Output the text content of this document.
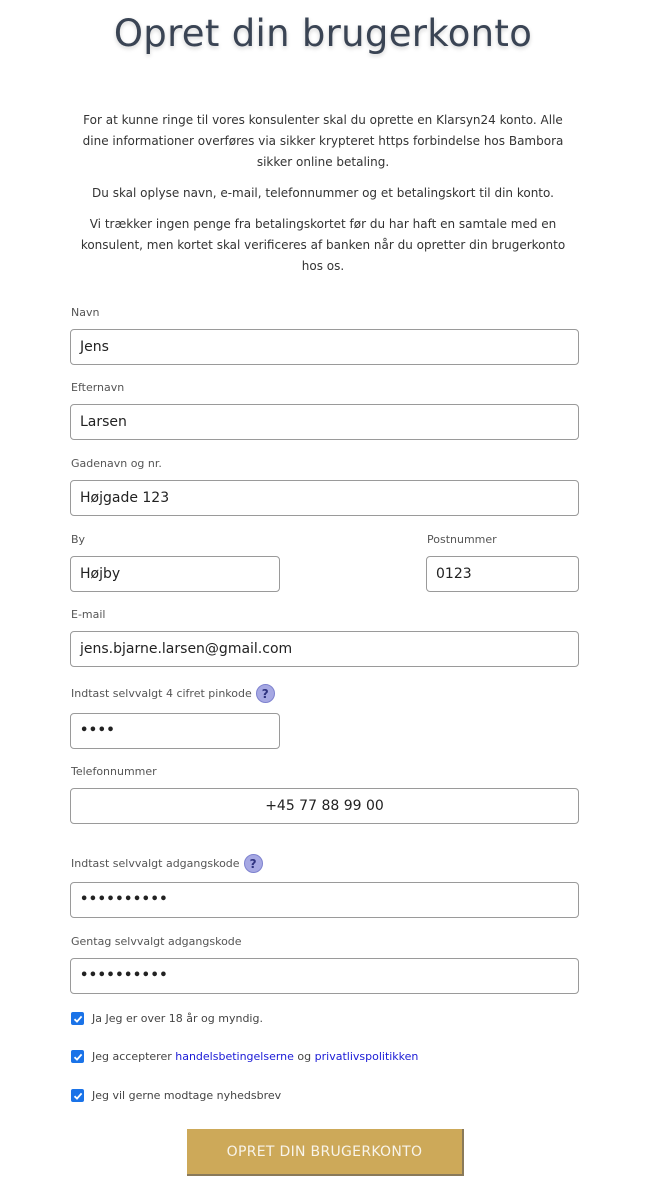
Opret din brugerkonto

For at kunne ringe til vores konsulenter skal du oprette en Klarsyn24 konto. Alle dine informationer overføres via sikker krypteret https forbindelse hos Bambora sikker online betaling.

Du skal oplyse navn, e-mail, telefonnummer og et betalingskort til din konto.

Vi trækker ingen penge fra betalingskortet før du har haft en samtale med en konsulent, men kortet skal verificeres af banken når du opretter din brugerkonto hos os.

Navn
Jens
Efternavn
Larsen
Gadenavn og nr.
Højgade 123
By
Højby
Postnummer
0123
E-mail
jens.bjarne.larsen@gmail.com
Indtast selvvalgt 4 cifret pinkode ?
••••
Telefonnummer
+45 77 88 99 00
Indtast selvvalgt adgangskode ?
••••••••••
Gentag selvvalgt adgangskode
••••••••••
Ja Jeg er over 18 år og myndig.
Jeg accepterer handelsbetingelserne og privatlivspolitikken
Jeg vil gerne modtage nyhedsbrev
OPRET DIN BRUGERKONTO
